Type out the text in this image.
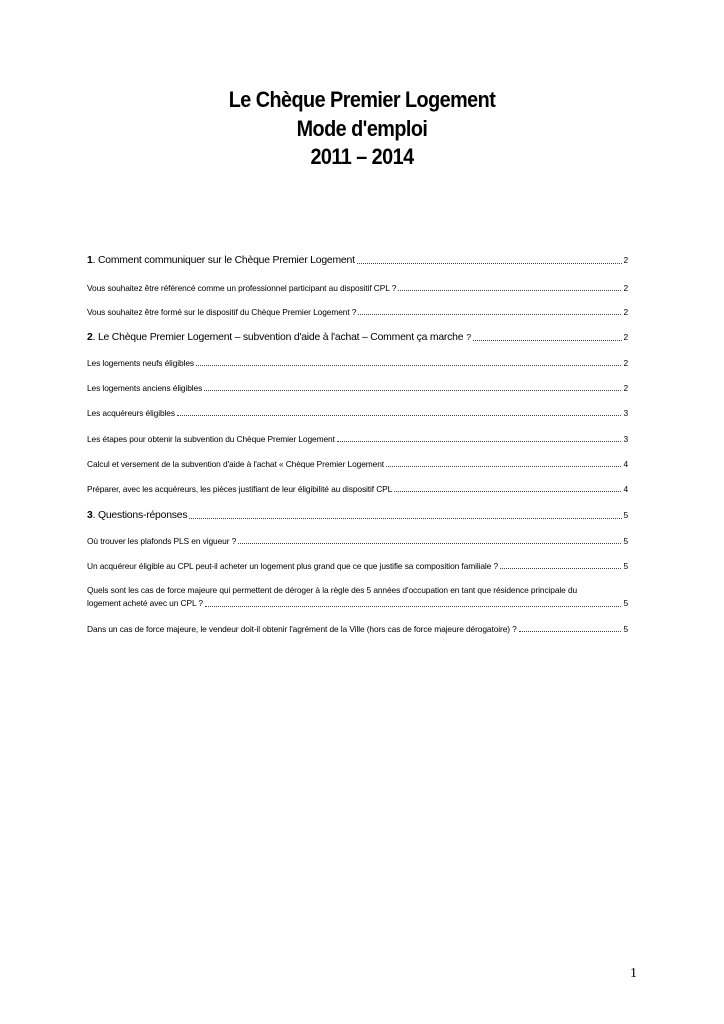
Le Chèque Premier Logement
Mode d'emploi
2011 – 2014
1 . Comment communiquer sur le Chèque Premier Logement	2
Vous souhaitez être référencé comme un professionnel participant au dispositif CPL ?	2
Vous souhaitez être formé sur le dispositif du Chèque Premier Logement ?	2
2 . Le Chèque Premier Logement – subvention d'aide à l'achat – Comment ça marche ?	2
Les logements neufs éligibles	2
Les logements anciens éligibles	2
Les acquéreurs éligibles	3
Les étapes pour obtenir la subvention du Chèque Premier Logement	3
Calcul et versement de la subvention d'aide à l'achat « Chèque Premier Logement	4
Préparer, avec les acquéreurs, les pièces justifiant de leur éligibilité au dispositif CPL	4
3 . Questions-réponses	5
Où trouver les plafonds PLS en vigueur ?	5
Un acquéreur éligible au CPL peut-il acheter un logement plus grand que ce que justifie sa composition familiale ?	5
Quels sont les cas de force majeure qui permettent de déroger à la règle des 5 années d'occupation en tant que résidence principale du
logement acheté avec un CPL ?	5
Dans un cas de force majeure, le vendeur doit-il obtenir l'agrément de la Ville (hors cas de force majeure dérogatoire) ?	5
1
